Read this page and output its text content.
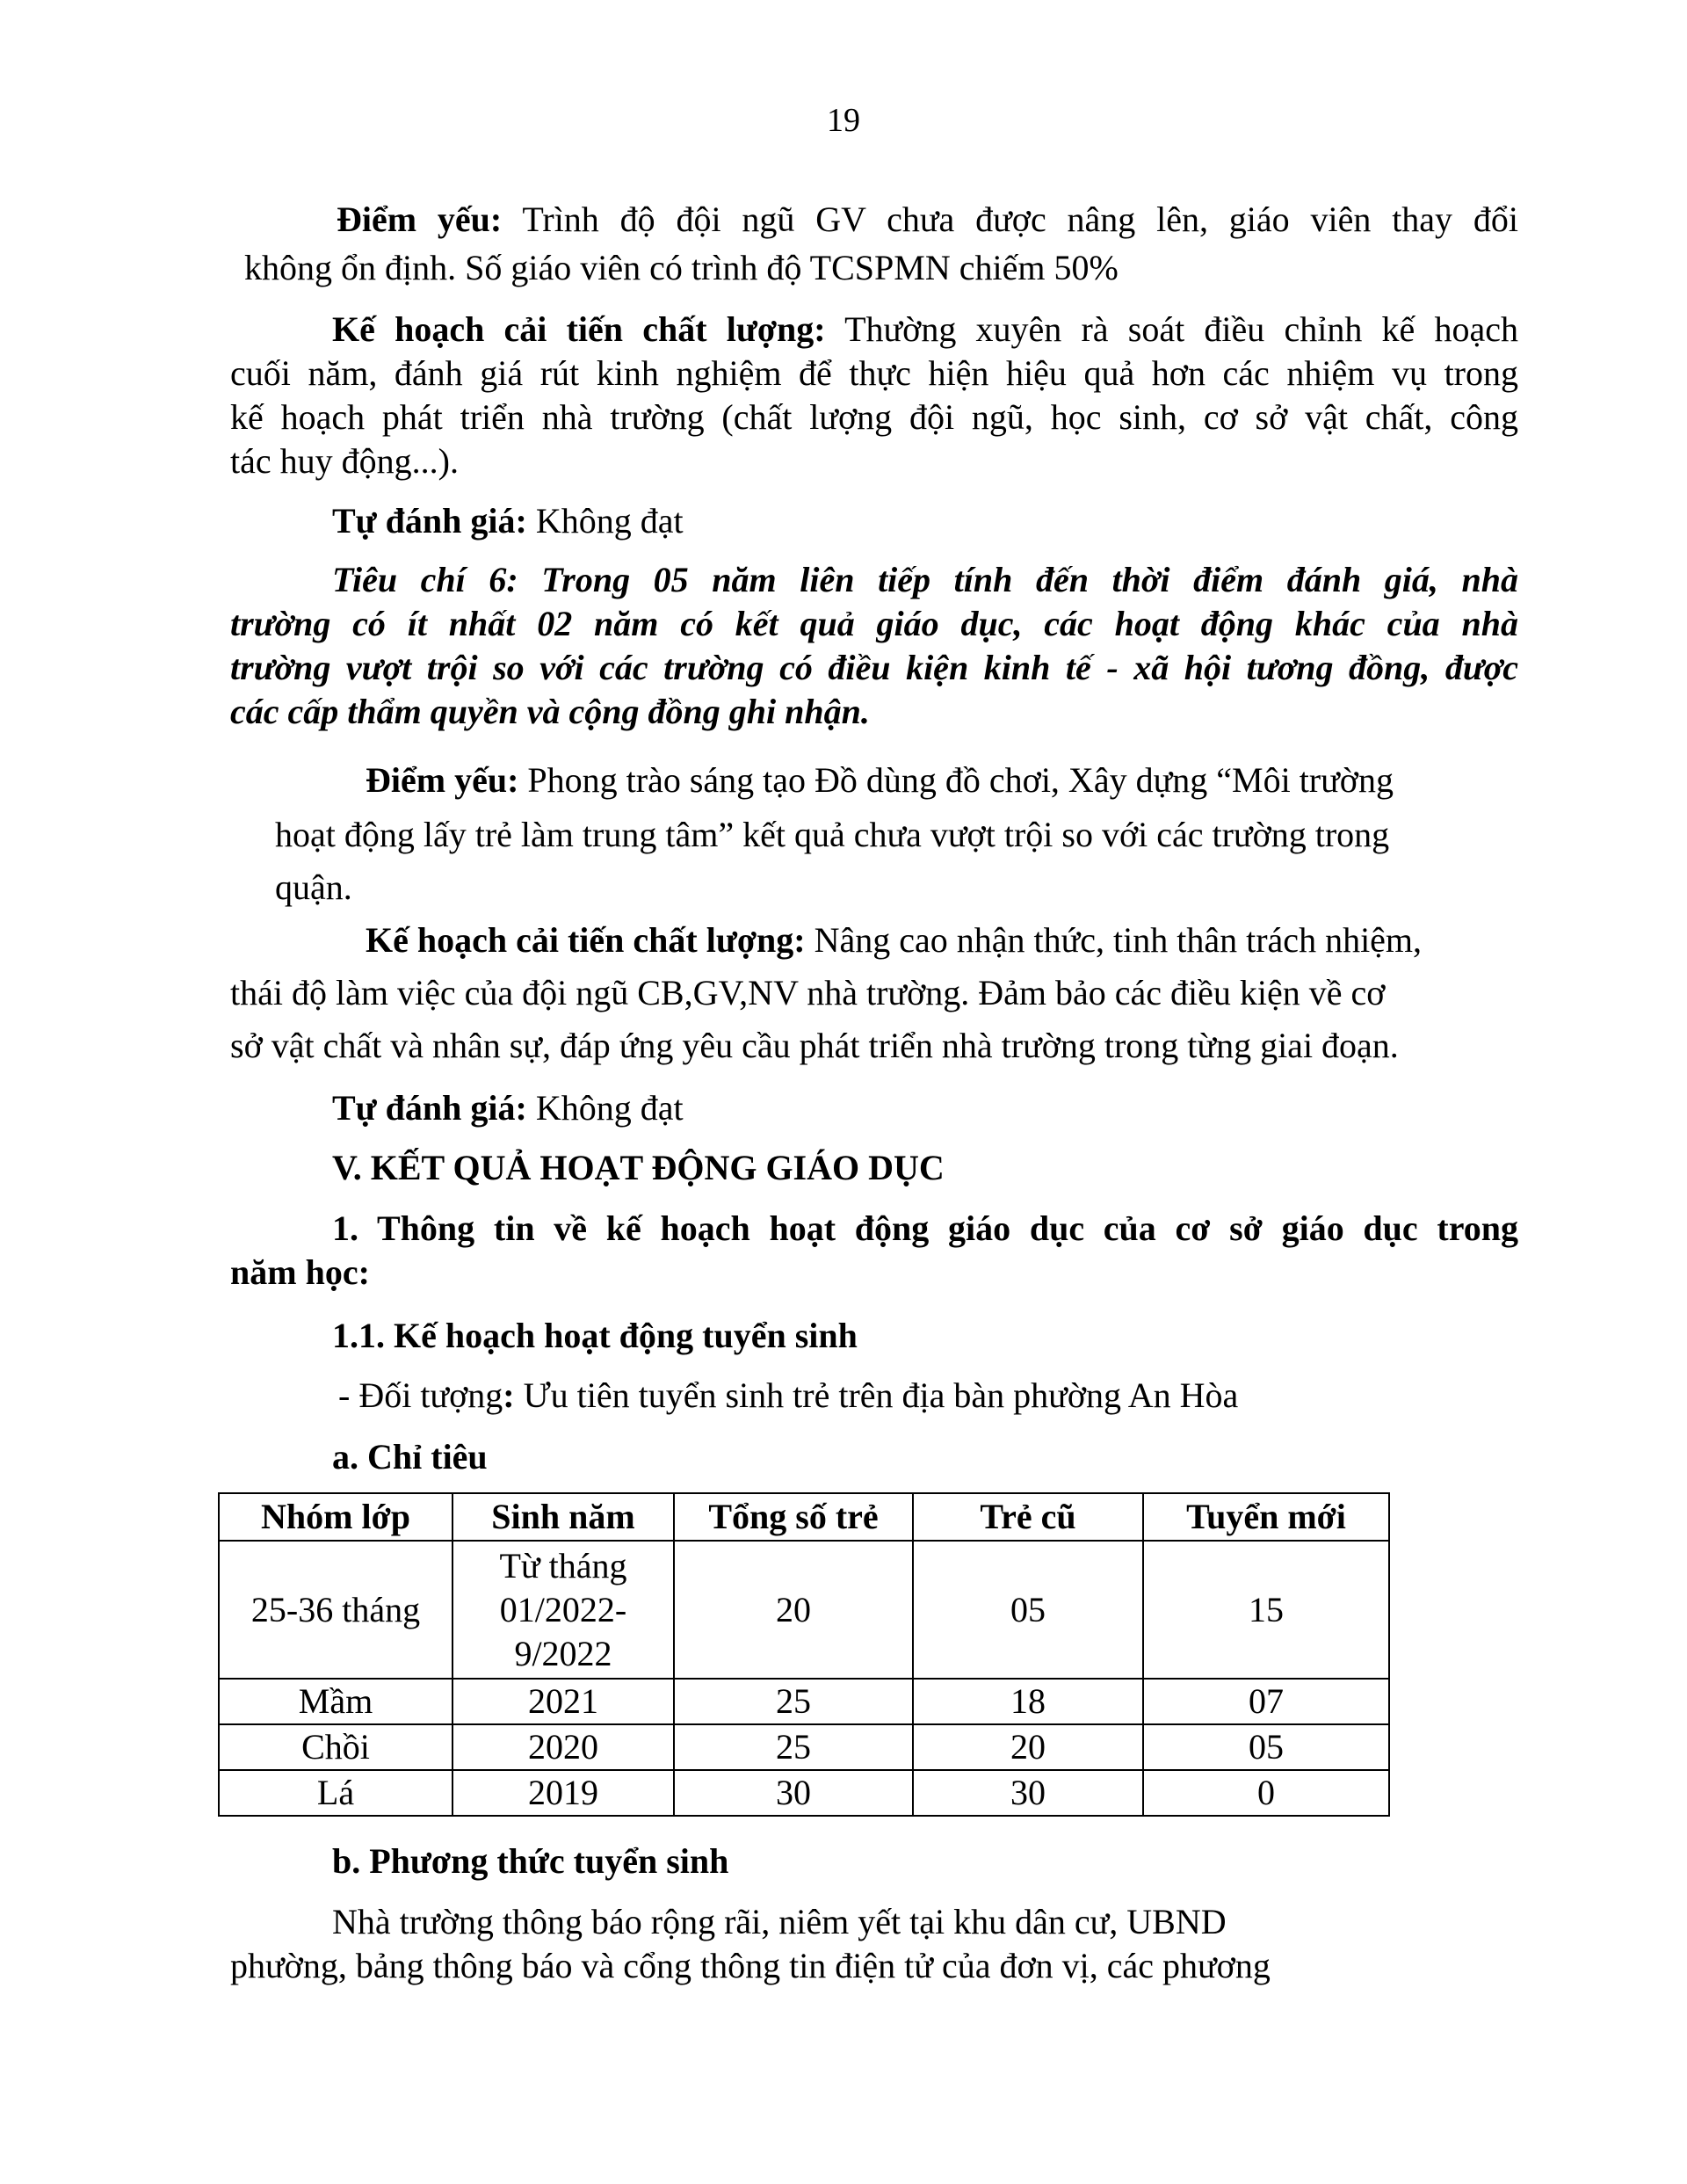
19
Điểm yếu: Trình độ đội ngũ GV chưa được nâng lên, giáo viên thay đổi
không ổn định. Số giáo viên có trình độ TCSPMN chiếm 50%
Kế hoạch cải tiến chất lượng: Thường xuyên rà soát điều chỉnh kế hoạch
cuối năm, đánh giá rút kinh nghiệm để thực hiện hiệu quả hơn các nhiệm vụ trong
kế hoạch phát triển nhà trường (chất lượng đội ngũ, học sinh, cơ sở vật chất, công
tác huy động...).
Tự đánh giá: Không đạt
Tiêu chí 6: Trong 05 năm liên tiếp tính đến thời điểm đánh giá, nhà
trường có ít nhất 02 năm có kết quả giáo dục, các hoạt động khác của nhà
trường vượt trội so với các trường có điều kiện kinh tế - xã hội tương đồng, được
các cấp thẩm quyền và cộng đồng ghi nhận.
Điểm yếu: Phong trào sáng tạo Đồ dùng đồ chơi, Xây dựng “Môi trường
hoạt động lấy trẻ làm trung tâm” kết quả chưa vượt trội so với các trường trong
quận.
Kế hoạch cải tiến chất lượng: Nâng cao nhận thức, tinh thân trách nhiệm,
thái độ làm việc của đội ngũ CB,GV,NV nhà trường. Đảm bảo các điều kiện về cơ
sở vật chất và nhân sự, đáp ứng yêu cầu phát triển nhà trường trong từng giai đoạn.
Tự đánh giá: Không đạt
V. KẾT QUẢ HOẠT ĐỘNG GIÁO DỤC
1. Thông tin về kế hoạch hoạt động giáo dục của cơ sở giáo dục trong
năm học:
1.1. Kế hoạch hoạt động tuyển sinh
- Đối tượng: Ưu tiên tuyển sinh trẻ trên địa bàn phường An Hòa
a. Chỉ tiêu
Nhóm lớp	Sinh năm	Tổng số trẻ	Trẻ cũ	Tuyển mới
25-36 tháng	Từ tháng
01/2022-
9/2022	20	05	15
Mầm	2021	25	18	07
Chồi	2020	25	20	05
Lá	2019	30	30	0
b. Phương thức tuyển sinh
Nhà trường thông báo rộng rãi, niêm yết tại khu dân cư, UBND
phường, bảng thông báo và cổng thông tin điện tử của đơn vị, các phương
